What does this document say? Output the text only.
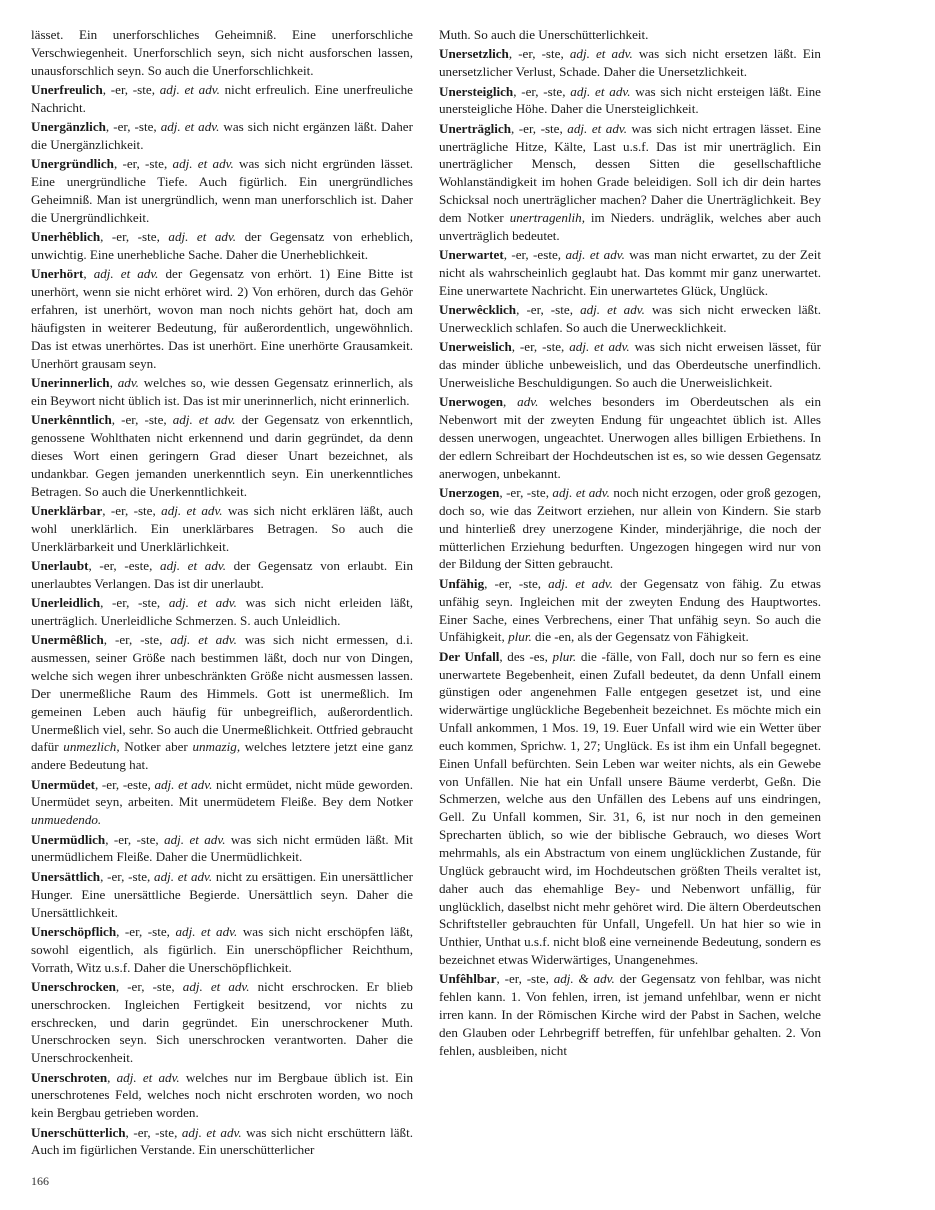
lässet. Ein unerforschliches Geheimniß. Eine unerforschliche Verschwiegenheit. Unerforschlich seyn, sich nicht ausforschen lassen, unausforschlich seyn. So auch die Unerforschlichkeit.

Unerfreulich, -er, -ste, adj. et adv. nicht erfreulich. Eine unerfreuliche Nachricht.

Unergänzlich, -er, -ste, adj. et adv. was sich nicht ergänzen läßt. Daher die Unergänzlichkeit.

Unergründlich, -er, -ste, adj. et adv. was sich nicht ergründen lässet. Eine unergründliche Tiefe. Auch figürlich. Ein unergründliches Geheimniß. Man ist unergründlich, wenn man unerforschlich ist. Daher die Unergründlichkeit.

Unerhêblich, -er, -ste, adj. et adv. der Gegensatz von erheblich, unwichtig. Eine unerhebliche Sache. Daher die Unerheblichkeit.

Unerhört, adj. et adv. der Gegensatz von erhört. 1) Eine Bitte ist unerhört, wenn sie nicht erhöret wird. 2) Von erhören, durch das Gehör erfahren, ist unerhört, wovon man noch nichts gehört hat, doch am häufigsten in weiterer Bedeutung, für außerordentlich, ungewöhnlich. Das ist etwas unerhörtes. Das ist unerhört. Eine unerhörte Grausamkeit. Unerhört grausam seyn.

Unerinnerlich, adv. welches so, wie dessen Gegensatz erinnerlich, als ein Beywort nicht üblich ist. Das ist mir unerinnerlich, nicht erinnerlich.

Unerkênntlich, -er, -ste, adj. et adv. der Gegensatz von erkenntlich, genossene Wohlthaten nicht erkennend und darin gegründet, da denn dieses Wort einen geringern Grad dieser Unart bezeichnet, als undankbar. Gegen jemanden unerkenntlich seyn. Ein unerkenntliches Betragen. So auch die Unerkenntlichkeit.

Unerklärbar, -er, -ste, adj. et adv. was sich nicht erklären läßt, auch wohl unerklärlich. Ein unerklärbares Betragen. So auch die Unerklärbarkeit und Unerklärlichkeit.

Unerlaubt, -er, -este, adj. et adv. der Gegensatz von erlaubt. Ein unerlaubtes Verlangen. Das ist dir unerlaubt.

Unerleidlich, -er, -ste, adj. et adv. was sich nicht erleiden läßt, unerträglich. Unerleidliche Schmerzen. S. auch Unleidlich.

Unermêßlich, -er, -ste, adj. et adv. was sich nicht ermessen, d.i. ausmessen, seiner Größe nach bestimmen läßt, doch nur von Dingen, welche sich wegen ihrer unbeschränkten Größe nicht ausmessen lassen. Der unermeßliche Raum des Himmels. Gott ist unermeßlich. Im gemeinen Leben auch häufig für unbegreiflich, außerordentlich. Unermeßlich viel, sehr. So auch die Unermeßlichkeit. Ottfried gebraucht dafür unmezlich, Notker aber unmazig, welches letztere jetzt eine ganz andere Bedeutung hat.

Unermüdet, -er, -este, adj. et adv. nicht ermüdet, nicht müde geworden. Unermüdet seyn, arbeiten. Mit unermüdetem Fleiße. Bey dem Notker unmuedendo.

Unermüdlich, -er, -ste, adj. et adv. was sich nicht ermüden läßt. Mit unermüdlichem Fleiße. Daher die Unermüdlichkeit.

Unersättlich, -er, -ste, adj. et adv. nicht zu ersättigen. Ein unersättlicher Hunger. Eine unersättliche Begierde. Unersättlich seyn. Daher die Unersättlichkeit.

Unerschöpflich, -er, -ste, adj. et adv. was sich nicht erschöpfen läßt, sowohl eigentlich, als figürlich. Ein unerschöpflicher Reichthum, Vorrath, Witz u.s.f. Daher die Unerschöpflichkeit.

Unerschrocken, -er, -ste, adj. et adv. nicht erschrocken. Er blieb unerschrocken. Ingleichen Fertigkeit besitzend, vor nichts zu erschrecken, und darin gegründet. Ein unerschrockener Muth. Unerschrocken seyn. Sich unerschrocken verantworten. Daher die Unerschrockenheit.

Unerschroten, adj. et adv. welches nur im Bergbaue üblich ist. Ein unerschrotenes Feld, welches noch nicht erschroten worden, wo noch kein Bergbau getrieben worden.

Unerschütterlich, -er, -ste, adj. et adv. was sich nicht erschüttern läßt. Auch im figürlichen Verstande. Ein unerschütterlicher

Muth. So auch die Unerschütterlichkeit.

Unersetzlich, -er, -ste, adj. et adv. was sich nicht ersetzen läßt. Ein unersetzlicher Verlust, Schade. Daher die Unersetzlichkeit.

Unersteiglich, -er, -ste, adj. et adv. was sich nicht ersteigen läßt. Eine unersteigliche Höhe. Daher die Unersteiglichkeit.

Unerträglich, -er, -ste, adj. et adv. was sich nicht ertragen lässet. Eine unerträgliche Hitze, Kälte, Last u.s.f. Das ist mir unerträglich. Ein unerträglicher Mensch, dessen Sitten die gesellschaftliche Wohlanständigkeit im hohen Grade beleidigen. Soll ich dir dein hartes Schicksal noch unerträglicher machen? Daher die Unerträglichkeit. Bey dem Notker unertragenlih, im Nieders. undräglik, welches aber auch unverträglich bedeutet.

Unerwartet, -er, -este, adj. et adv. was man nicht erwartet, zu der Zeit nicht als wahrscheinlich geglaubt hat. Das kommt mir ganz unerwartet. Eine unerwartete Nachricht. Ein unerwartetes Glück, Unglück.

Unerwêcklich, -er, -ste, adj. et adv. was sich nicht erwecken läßt. Unerwecklich schlafen. So auch die Unerwecklichkeit.

Unerweislich, -er, -ste, adj. et adv. was sich nicht erweisen lässet, für das minder übliche unbeweislich, und das Oberdeutsche unerfindlich. Unerweisliche Beschuldigungen. So auch die Unerweislichkeit.

Unerwogen, adv. welches besonders im Oberdeutschen als ein Nebenwort mit der zweyten Endung für ungeachtet üblich ist. Alles dessen unerwogen, ungeachtet. Unerwogen alles billigen Erbiethens. In der edlern Schreibart der Hochdeutschen ist es, so wie dessen Gegensatz anerwogen, unbekannt.

Unerzogen, -er, -ste, adj. et adv. noch nicht erzogen, oder groß gezogen, doch so, wie das Zeitwort erziehen, nur allein von Kindern. Sie starb und hinterließ drey unerzogene Kinder, minderjährige, die noch der mütterlichen Erziehung bedurften. Ungezogen hingegen wird nur von der Bildung der Sitten gebraucht.

Unfähig, -er, -ste, adj. et adv. der Gegensatz von fähig. Zu etwas unfähig seyn. Ingleichen mit der zweyten Endung des Hauptwortes. Einer Sache, eines Verbrechens, einer That unfähig seyn. So auch die Unfähigkeit, plur. die -en, als der Gegensatz von Fähigkeit.

Der Unfall, des -es, plur. die -fälle, von Fall, doch nur so fern es eine unerwartete Begebenheit, einen Zufall bedeutet, da denn Unfall einem günstigen oder angenehmen Falle entgegen gesetzet ist, und eine widerwärtige unglückliche Begebenheit bezeichnet. Es möchte mich ein Unfall ankommen, 1 Mos. 19, 19. Euer Unfall wird wie ein Wetter über euch kommen, Sprichw. 1, 27; Unglück. Es ist ihm ein Unfall begegnet. Einen Unfall befürchten. Sein Leben war weiter nichts, als ein Gewebe von Unfällen. Nie hat ein Unfall unsere Bäume verderbt, Geßn. Die Schmerzen, welche aus den Unfällen des Lebens auf uns eindringen, Gell. Zu Unfall kommen, Sir. 31, 6, ist nur noch in den gemeinen Sprecharten üblich, so wie der biblische Gebrauch, wo dieses Wort mehrmahls, als ein Abstractum von einem unglücklichen Zustande, für Unglück gebraucht wird, im Hochdeutschen größten Theils veraltet ist, daher auch das ehemahlige Bey- und Nebenwort unfällig, für unglücklich, daselbst nicht mehr gehöret wird. Die ältern Oberdeutschen Schriftsteller gebrauchten für Unfall, Ungefell. Un hat hier so wie in Unthier, Unthat u.s.f. nicht bloß eine verneinende Bedeutung, sondern es bezeichnet etwas Widerwärtiges, Unangenehmes.

Unfêhlbar, -er, -ste, adj. & adv. der Gegensatz von fehlbar, was nicht fehlen kann. 1. Von fehlen, irren, ist jemand unfehlbar, wenn er nicht irren kann. In der Römischen Kirche wird der Pabst in Sachen, welche den Glauben oder Lehrbegriff betreffen, für unfehlbar gehalten. 2. Von fehlen, ausbleiben, nicht

166
